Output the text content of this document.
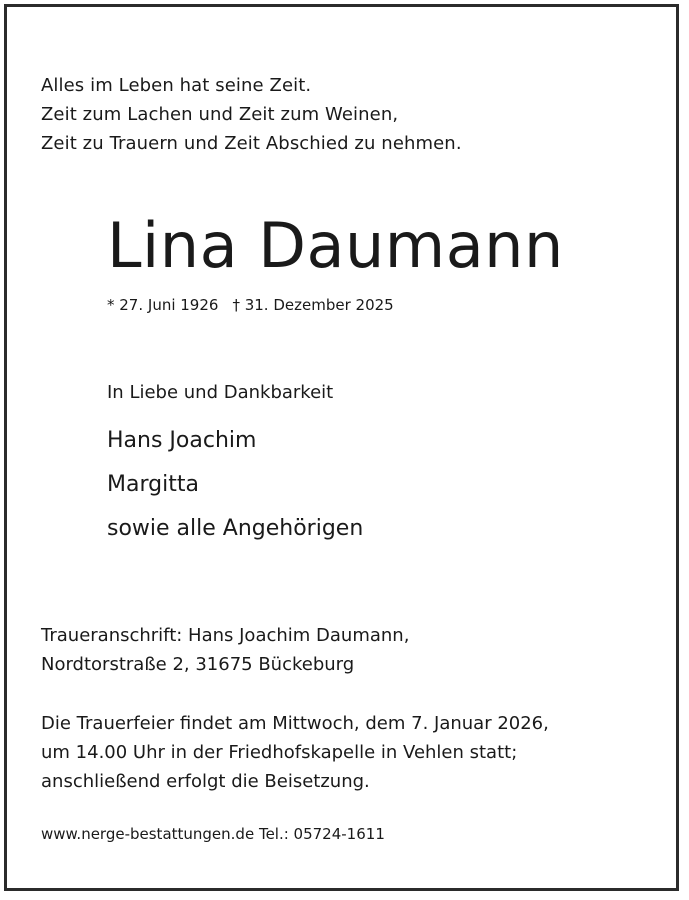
Alles im Leben hat seine Zeit.
Zeit zum Lachen und Zeit zum Weinen,
Zeit zu Trauern und Zeit Abschied zu nehmen.
Lina Daumann
* 27. Juni 1926 † 31. Dezember 2025
In Liebe und Dankbarkeit
Hans Joachim
Margitta
sowie alle Angehörigen
Traueranschrift: Hans Joachim Daumann,
Nordtorstraße 2, 31675 Bückeburg
Die Trauerfeier findet am Mittwoch, dem 7. Januar 2026,
um 14.00 Uhr in der Friedhofskapelle in Vehlen statt;
anschließend erfolgt die Beisetzung.
www.nerge-bestattungen.de Tel.: 05724-1611
